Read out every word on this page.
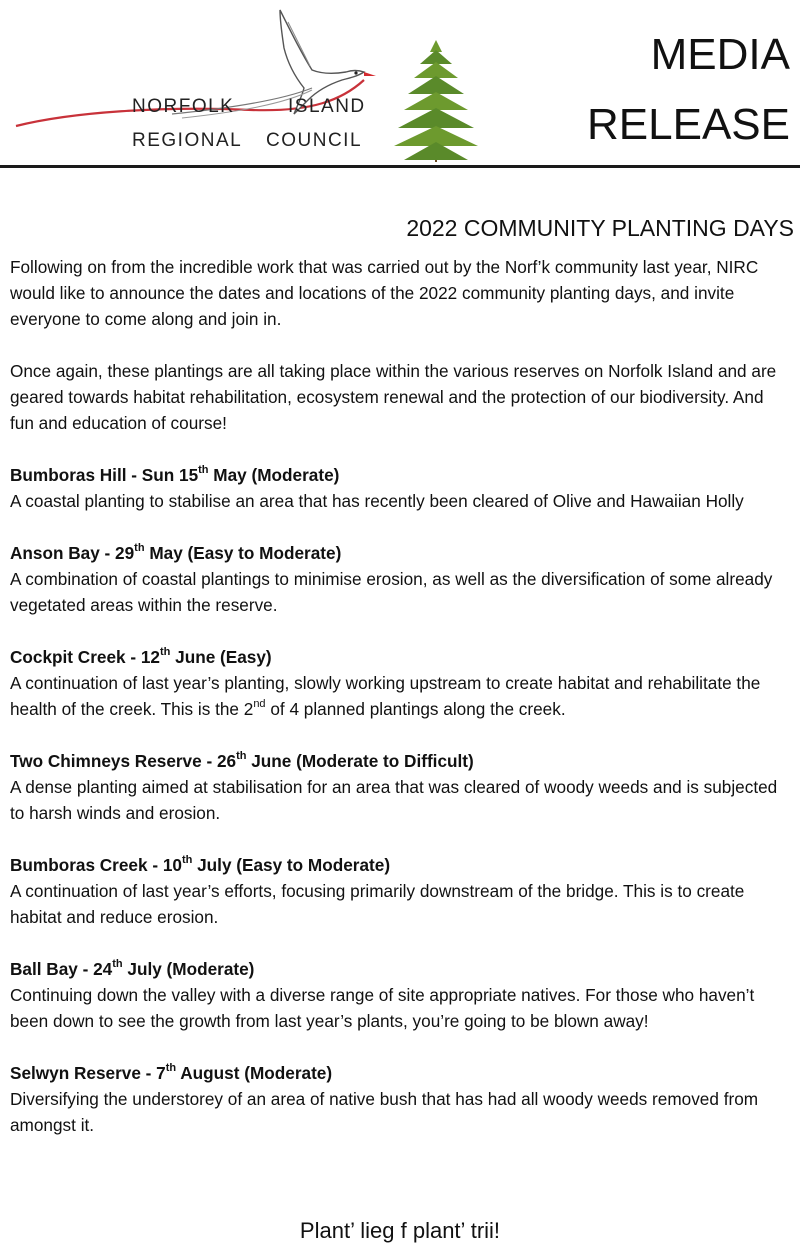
NORFOLK	ISLAND
REGIONAL COUNCIL
MEDIA
RELEASE
2022 COMMUNITY PLANTING DAYS

Following on from the incredible work that was carried out by the Norf’k community last year, NIRC would like to announce the dates and locations of the 2022 community planting days, and invite everyone to come along and join in.

Once again, these plantings are all taking place within the various reserves on Norfolk Island and are geared towards habitat rehabilitation, ecosystem renewal and the protection of our biodiversity. And fun and education of course!

Bumboras Hill - Sun 15th May (Moderate)

A coastal planting to stabilise an area that has recently been cleared of Olive and Hawaiian Holly

Anson Bay - 29th May (Easy to Moderate)

A combination of coastal plantings to minimise erosion, as well as the diversification of some already vegetated areas within the reserve.

Cockpit Creek - 12th June (Easy)

A continuation of last year’s planting, slowly working upstream to create habitat and rehabilitate the health of the creek. This is the 2nd of 4 planned plantings along the creek.

Two Chimneys Reserve - 26th June (Moderate to Difficult)

A dense planting aimed at stabilisation for an area that was cleared of woody weeds and is subjected to harsh winds and erosion.

Bumboras Creek - 10th July (Easy to Moderate)

A continuation of last year’s efforts, focusing primarily downstream of the bridge. This is to create habitat and reduce erosion.

Ball Bay - 24th July (Moderate)

Continuing down the valley with a diverse range of site appropriate natives. For those who haven’t been down to see the growth from last year’s plants, you’re going to be blown away!

Selwyn Reserve - 7th August (Moderate)

Diversifying the understorey of an area of native bush that has had all woody weeds removed from amongst it.

Plant’ lieg f plant’ trii!
